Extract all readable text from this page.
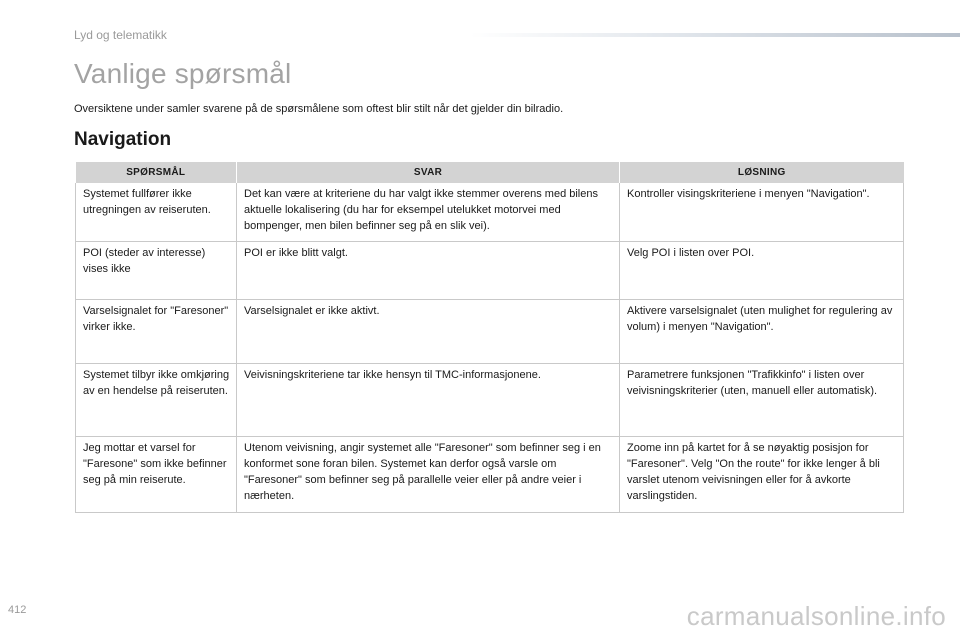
Lyd og telematikk
Vanlige spørsmål

Oversiktene under samler svarene på de spørsmålene som oftest blir stilt når det gjelder din bilradio.

Navigation
SPØRSMÅL	SVAR	LØSNING
Systemet fullfører ikke utregningen av reiseruten.	Det kan være at kriteriene du har valgt ikke stemmer overens med bilens aktuelle lokalisering (du har for eksempel utelukket motorvei med bompenger, men bilen befinner seg på en slik vei).	Kontroller visingskriteriene i menyen "Navigation".
POI (steder av interesse) vises ikke	POI er ikke blitt valgt.	Velg POI i listen over POI.
Varselsignalet for "Faresoner" virker ikke.	Varselsignalet er ikke aktivt.	Aktivere varselsignalet (uten mulighet for regulering av volum) i menyen "Navigation".
Systemet tilbyr ikke omkjøring av en hendelse på reiseruten.	Veivisningskriteriene tar ikke hensyn til TMC-informasjonene.	Parametrere funksjonen "Trafikkinfo" i listen over veivisningskriterier (uten, manuell eller automatisk).
Jeg mottar et varsel for "Faresone" som ikke befinner seg på min reiserute.	Utenom veivisning, angir systemet alle "Faresoner" som befinner seg i en konformet sone foran bilen. Systemet kan derfor også varsle om "Faresoner" som befinner seg på parallelle veier eller på andre veier i nærheten.	Zoome inn på kartet for å se nøyaktig posisjon for "Faresoner". Velg "On the route" for ikke lenger å bli varslet utenom veivisningen eller for å avkorte varslingstiden.
412	carmanualsonline.info
